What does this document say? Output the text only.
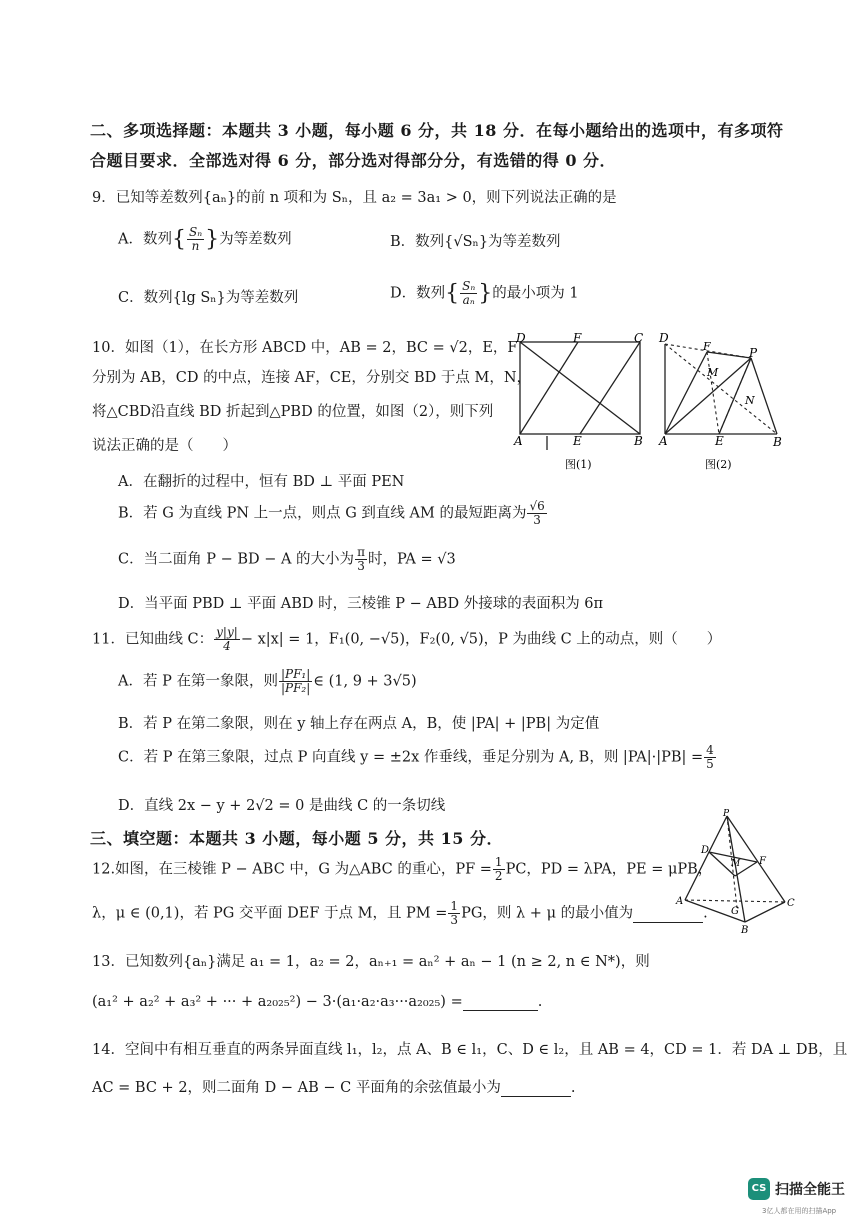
二、多项选择题：本题共 3 小题，每小题 6 分，共 18 分．在每小题给出的选项中，有多项符
合题目要求．全部选对得 6 分，部分选对得部分分，有选错的得 0 分．
9．已知等差数列{aₙ}的前 n 项和为 Sₙ，且 a₂ = 3a₁ > 0，则下列说法正确的是
A．数列{ $\frac{\text{Sₙ}}{n}$ }为等差数列	B．数列{√Sₙ}为等差数列
C．数列{lg Sₙ}为等差数列	D．数列{ $\frac{\text{Sₙ}}{\text{aₙ}}$ }的最小项为 1
10．如图（1），在长方形 ABCD 中，AB = 2，BC = √2，E，F
分别为 AB，CD 的中点，连接 AF，CE，分别交 BD 于点 M，N，
将△CBD沿直线 BD 折起到△PBD 的位置，如图（2），则下列
说法正确的是（　　）
D	F	C
A	E	B
图(1)
D
F	P
M
N
A	E	B
图(2)
A．在翻折的过程中，恒有 BD ⊥ 平面 PEN
B．若 G 为直线 PN 上一点，则点 G 到直线 AM 的最短距离为 $\frac{√6}{3}$
C．当二面角 P − BD − A 的大小为 $\frac{\pi}{3}$ 时，PA = √3
D．当平面 PBD ⊥ 平面 ABD 时，三棱锥 P − ABD 外接球的表面积为 6π
11．已知曲线 C： $\frac{y|y|}{4} - x|x| = 1$，F₁(0, −√5)，F₂(0, √5)，P 为曲线 C 上的动点，则（　　）
A．若 P 在第一象限，则 $\frac{\text{|PF₁|}}{\text{|PF₂|}}$ ∈ (1, 9 + 3√5)
B．若 P 在第二象限，则在 y 轴上存在两点 A，B，使 |PA| + |PB| 为定值
C．若 P 在第三象限，过点 P 向直线 y = ±2x 作垂线，垂足分别为 A, B，则 $|PA|\cdot|PB| = \frac{4}{5}$
D．直线 2x − y + 2√2 = 0 是曲线 C 的一条切线
三、填空题：本题共 3 小题，每小题 5 分，共 15 分．
P
D
M F
A
G
C
B
12.如图，在三棱锥 P − ABC 中，G 为△ABC 的重心，PF = $\frac{1}{2}$ PC，PD = λPA，PE = μPB，
λ，μ ∈ (0,1)，若 PG 交平面 DEF 于点 M，且 PM = $\frac{1}{3}$ PG，则 λ + μ 的最小值为	.
13．已知数列{aₙ}满足 a₁ = 1，a₂ = 2，aₙ₊₁ = aₙ² + aₙ − 1 (n ≥ 2, n ∈ N*)，则
(a₁² + a₂² + a₃² + ··· + a₂₀₂₅²) − 3·(a₁·a₂·a₃···a₂₀₂₅) =	.
14．空间中有相互垂直的两条异面直线 l₁，l₂，点 A、B ∈ l₁，C、D ∈ l₂，且 AB = 4，CD = 1．若 DA ⊥ DB，且
AC = BC + 2，则二面角 D − AB − C 平面角的余弦值最小为	.
CS 扫描全能王
3亿人都在用的扫描App
